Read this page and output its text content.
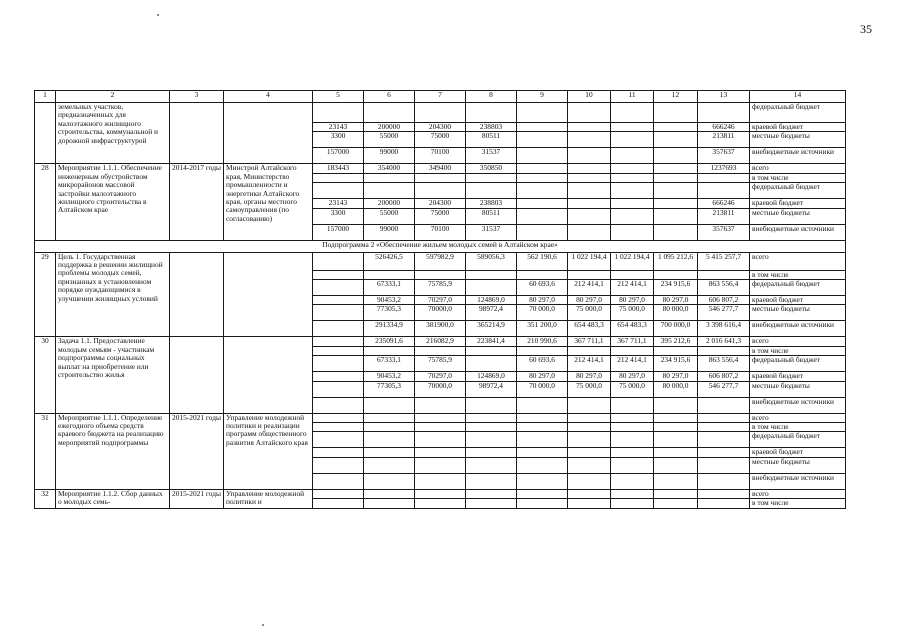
35
1	2	3	4	5	6	7	8	9	10	11	12	13	14
	земельных участков, предназначенных для малоэтажного жилищного строительства, коммунальной и дорожной инфраструктурой												федеральный бюджет
				23143	200000	204300	238803					666246	краевой бюджет
				3300	55000	75000	80511					213811	местные бюджеты
				157000	99000	70100	31537					357637	внебюджетные источники
28	Мероприятие 1.1.1. Обеспечение инженерным обустройством микрорайонов массовой застройки малоэтажного жилищного строительства в Алтайском крае	2014-2017 годы	Минстрой Алтайского края, Министерство промышленности и энергетики Алтайского края, органы местного самоуправления (по согласованию)	183443	354000	349400	350850					1237693	всего
													в том числе
													федеральный бюджет
				23143	200000	204300	238803					666246	краевой бюджет
				3300	55000	75000	80511					213811	местные бюджеты
				157000	99000	70100	31537					357637	внебюджетные источники
Подпрограмма 2 «Обеспечение жильем молодых семей в Алтайском крае»													
29	Цель 1. Государственная поддержка в решении жилищной проблемы молодых семей, признанных в установленном порядке нуждающимися в улучшении жилищных условий				526426,5	597982,9	589056,3	562 190,6	1 022 194,4	1 022 194,4	1 095 212,6	5 415 257,7	всего
													в том числе
					67333,1	75785,9		60 693,6	212 414,1	212 414,1	234 915,6	863 556,4	федеральный бюджет
					90453,2	70297,0	124869,0	80 297,0	80 297,0	80 297,0	80 297,0	606 807,2	краевой бюджет
					77305,3	70000,0	98972,4	70 000,0	75 000,0	75 000,0	80 000,0	546 277,7	местные бюджеты
					291334,9	381900,0	365214,9	351 200,0	654 483,3	654 483,3	700 000,0	3 398 616,4	внебюджетные источники
30	Задача 1.1. Предоставление молодым семьям - участникам подпрограммы социальных выплат на приобретение или строительство жилья				235091,6	216082,9	223841,4	210 990,6	367 711,1	367 711,1	395 212,6	2 016 641,3	всего
													в том числе
					67333,1	75785,9		60 693,6	212 414,1	212 414,1	234 915,6	863 556,4	федеральный бюджет
					90453,2	70297,0	124869,0	80 297,0	80 297,0	80 297,0	80 297,0	606 807,2	краевой бюджет
					77305,3	70000,0	98972,4	70 000,0	75 000,0	75 000,0	80 000,0	546 277,7	местные бюджеты
													внебюджетные источники
31	Мероприятие 1.1.1. Определение ежегодного объема средств краевого бюджета на реализацию мероприятий подпрограммы	2015-2021 годы	Управление молодежной политики и реализации программ общественного развития Алтайского края										всего
													в том числе
													федеральный бюджет
													краевой бюджет
													местные бюджеты
													внебюджетные источники
32	Мероприятие 1.1.2. Сбор данных о молодых семь-	2015-2021 годы	Управление молодежной политики и										всего
													в том числе
